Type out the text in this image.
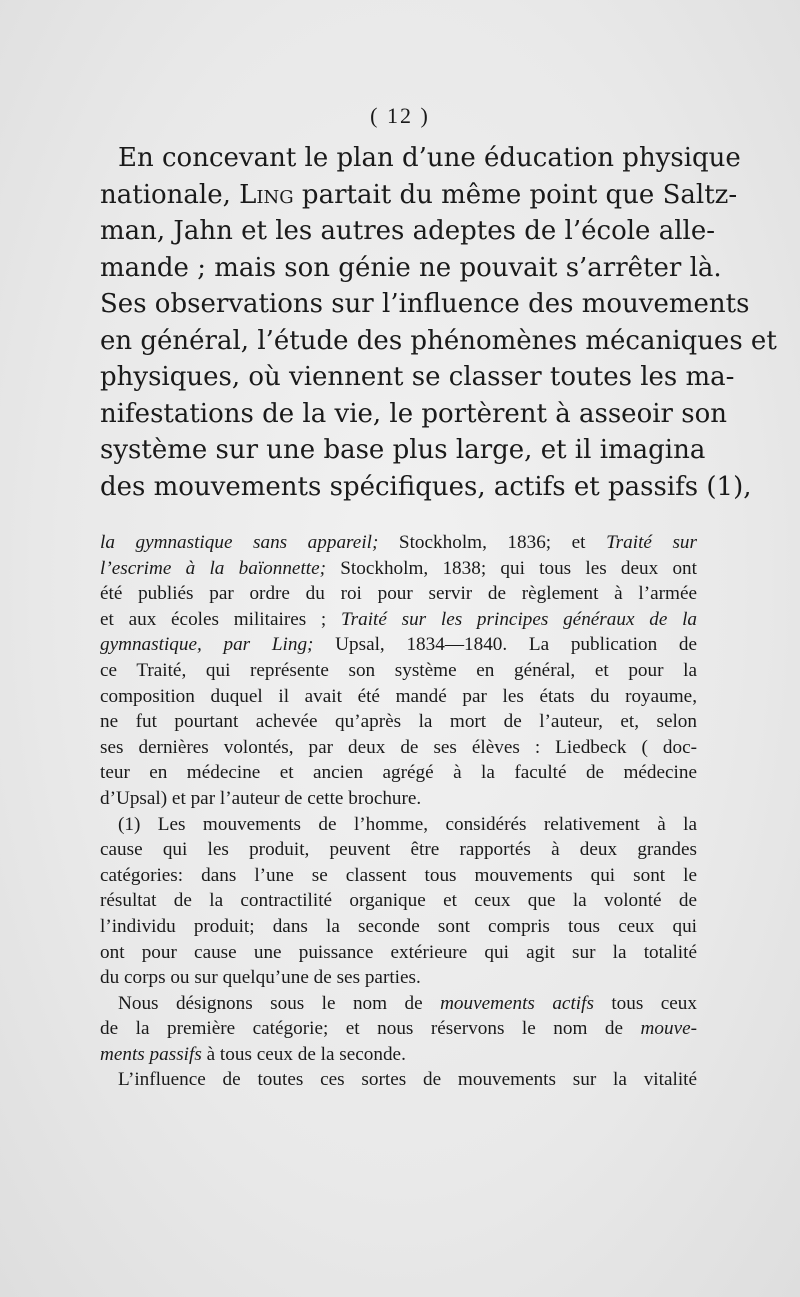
( 12 )
En concevant le plan d’une éducation physique
nationale, Ling partait du même point que Saltz-
man, Jahn et les autres adeptes de l’école alle-
mande ; mais son génie ne pouvait s’arrêter là.
Ses observations sur l’influence des mouvements
en général, l’étude des phénomènes mécaniques et
physiques, où viennent se classer toutes les ma-
nifestations de la vie, le portèrent à asseoir son
système sur une base plus large, et il imagina
des mouvements spécifiques, actifs et passifs (1),
la gymnastique sans appareil; Stockholm, 1836; et Traité sur
l’escrime à la baïonnette; Stockholm, 1838; qui tous les deux ont
été publiés par ordre du roi pour servir de règlement à l’armée
et aux écoles militaires ; Traité sur les principes généraux de la
gymnastique, par Ling; Upsal, 1834—1840. La publication de
ce Traité, qui représente son système en général, et pour la
composition duquel il avait été mandé par les états du royaume,
ne fut pourtant achevée qu’après la mort de l’auteur, et, selon
ses dernières volontés, par deux de ses élèves : Liedbeck ( doc-
teur en médecine et ancien agrégé à la faculté de médecine
d’Upsal) et par l’auteur de cette brochure.
(1) Les mouvements de l’homme, considérés relativement à la
cause qui les produit, peuvent être rapportés à deux grandes
catégories: dans l’une se classent tous mouvements qui sont le
résultat de la contractilité organique et ceux que la volonté de
l’individu produit; dans la seconde sont compris tous ceux qui
ont pour cause une puissance extérieure qui agit sur la totalité
du corps ou sur quelqu’une de ses parties.
Nous désignons sous le nom de mouvements actifs tous ceux
de la première catégorie; et nous réservons le nom de mouve-
ments passifs à tous ceux de la seconde.
L’influence de toutes ces sortes de mouvements sur la vitalité
